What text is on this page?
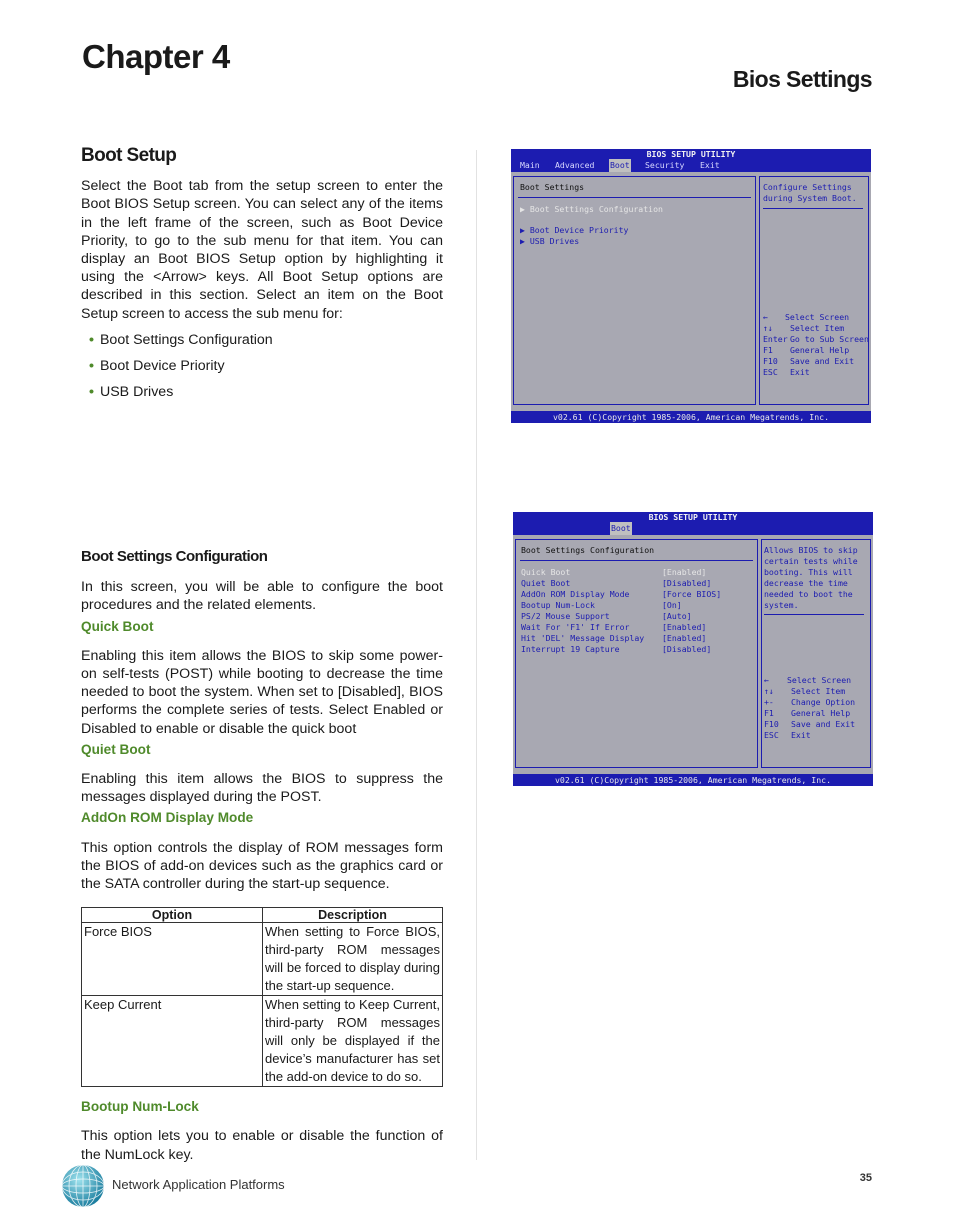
Chapter 4
Bios Settings
Boot Setup

Select the Boot tab from the setup screen to enter the Boot BIOS Setup screen. You can select any of the items in the left frame of the screen, such as Boot Device Priority, to go to the sub menu for that item. You can display an Boot BIOS Setup option by highlighting it using the <Arrow> keys. All Boot Setup options are described in this section. Select an item on the Boot Setup screen to access the sub menu for:

• Boot Settings Configuration
• Boot Device Priority
• USB Drives
Boot Settings Configuration

In this screen, you will be able to configure the boot procedures and the related elements.

Quick Boot

Enabling this item allows the BIOS to skip some power-on self-tests (POST) while booting to decrease the time needed to boot the system. When set to [Disabled], BIOS performs the complete series of tests. Select Enabled or Disabled to enable or disable the quick boot

Quiet Boot

Enabling this item allows the BIOS to suppress the messages displayed during the POST.

AddOn ROM Display Mode

This option controls the display of ROM messages form the BIOS of add-on devices such as the graphics card or the SATA controller during the start-up sequence.

Option	Description
Force BIOS	When setting to Force BIOS, third-party ROM messages will be forced to display during the start-up sequence.
Keep Current	When setting to Keep Current, third-party ROM messages will only be displayed if the device’s manufacturer has set the add-on device to do so.
Bootup Num-Lock

This option lets you to enable or disable the function of the NumLock key.

BIOS SETUP UTILITY
Main Advanced Boot Security Exit
Boot Settings
▶ Boot Settings Configuration
▶ Boot Device Priority
▶ USB Drives
Configure Settings
during System Boot.
← Select Screen
↑↓ Select Item
Enter Go to Sub Screen
F1 General Help
F10 Save and Exit
ESC Exit
v02.61 (C)Copyright 1985-2006, American Megatrends, Inc.
BIOS SETUP UTILITY
Boot
Boot Settings Configuration
Quick Boot	[Enabled]
Quiet Boot	[Disabled]
AddOn ROM Display Mode	[Force BIOS]
Bootup Num-Lock	[On]
PS/2 Mouse Support	[Auto]
Wait For 'F1' If Error	[Enabled]
Hit 'DEL' Message Display [Enabled]
Interrupt 19 Capture	[Disabled]
Allows BIOS to skip
certain tests while
booting. This will
decrease the time
needed to boot the
system.
← Select Screen
↑↓ Select Item
+- Change Option
F1 General Help
F10 Save and Exit
ESC Exit
v02.61 (C)Copyright 1985-2006, American Megatrends, Inc.
Network Application Platforms	35
